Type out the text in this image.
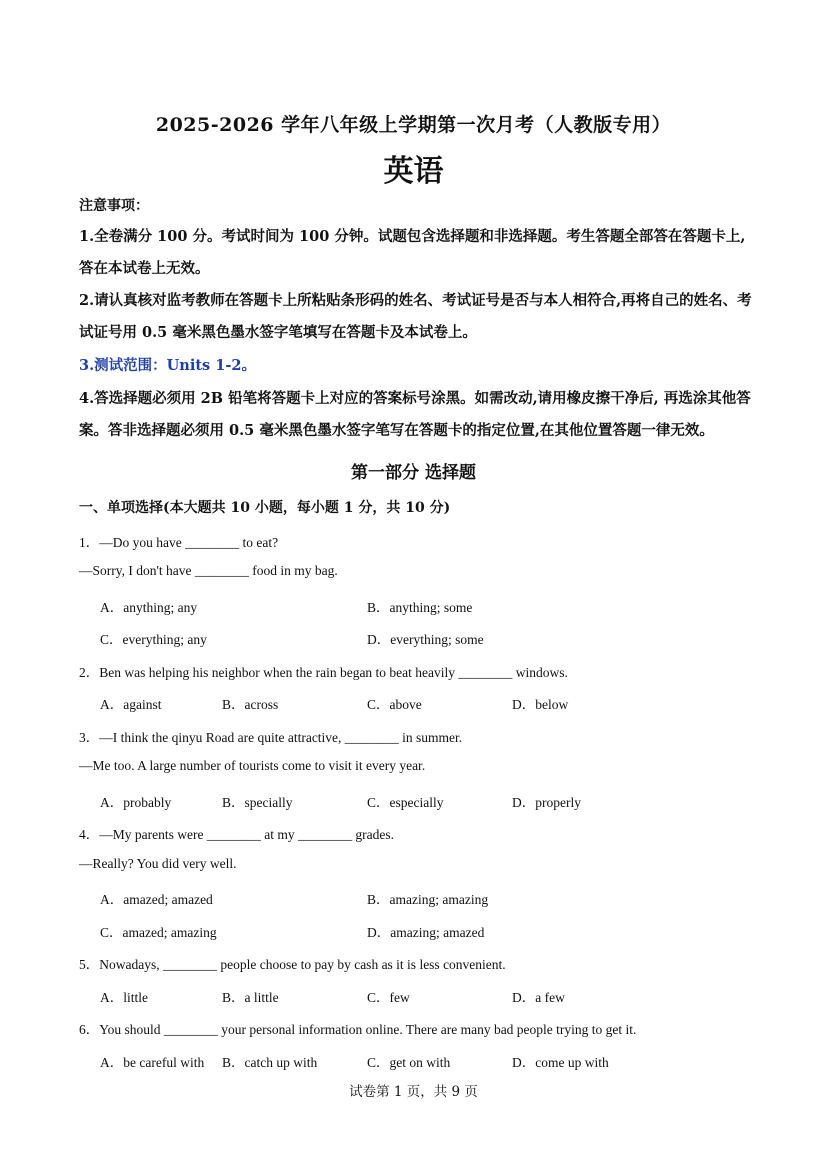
2025-2026 学年八年级上学期第一次月考（人教版专用）
英语
注意事项：
1.全卷满分 100 分。考试时间为 100 分钟。试题包含选择题和非选择题。考生答题全部答在答题卡上, 答在本试卷上无效。
2.请认真核对监考教师在答题卡上所粘贴条形码的姓名、考试证号是否与本人相符合,再将自己的姓名、考试证号用 0.5 毫米黑色墨水签字笔填写在答题卡及本试卷上。
3.测试范围：Units 1-2。
4.答选择题必须用 2B 铅笔将答题卡上对应的答案标号涂黑。如需改动,请用橡皮擦干净后, 再选涂其他答案。答非选择题必须用 0.5 毫米黑色墨水签字笔写在答题卡的指定位置,在其他位置答题一律无效。
第一部分 选择题
一、单项选择(本大题共 10 小题，每小题 1 分，共 10 分)
1．—Do you have ________ to eat?
—Sorry, I don't have ________ food in my bag.
A．anything; any	B．anything; some
C．everything; any	D．everything; some
2．Ben was helping his neighbor when the rain began to beat heavily ________ windows.
A．against	B．across	C．above	D．below
3．—I think the qinyu Road are quite attractive, ________ in summer.
—Me too. A large number of tourists come to visit it every year.
A．probably	B．specially	C．especially	D．properly
4．—My parents were ________ at my ________ grades.
—Really? You did very well.
A．amazed; amazed	B．amazing; amazing
C．amazed; amazing	D．amazing; amazed
5．Nowadays, ________ people choose to pay by cash as it is less convenient.
A．little	B．a little	C．few	D．a few
6．You should ________ your personal information online. There are many bad people trying to get it.
A．be careful with B．catch up with	C．get on with	D．come up with
试卷第 1 页，共 9 页
